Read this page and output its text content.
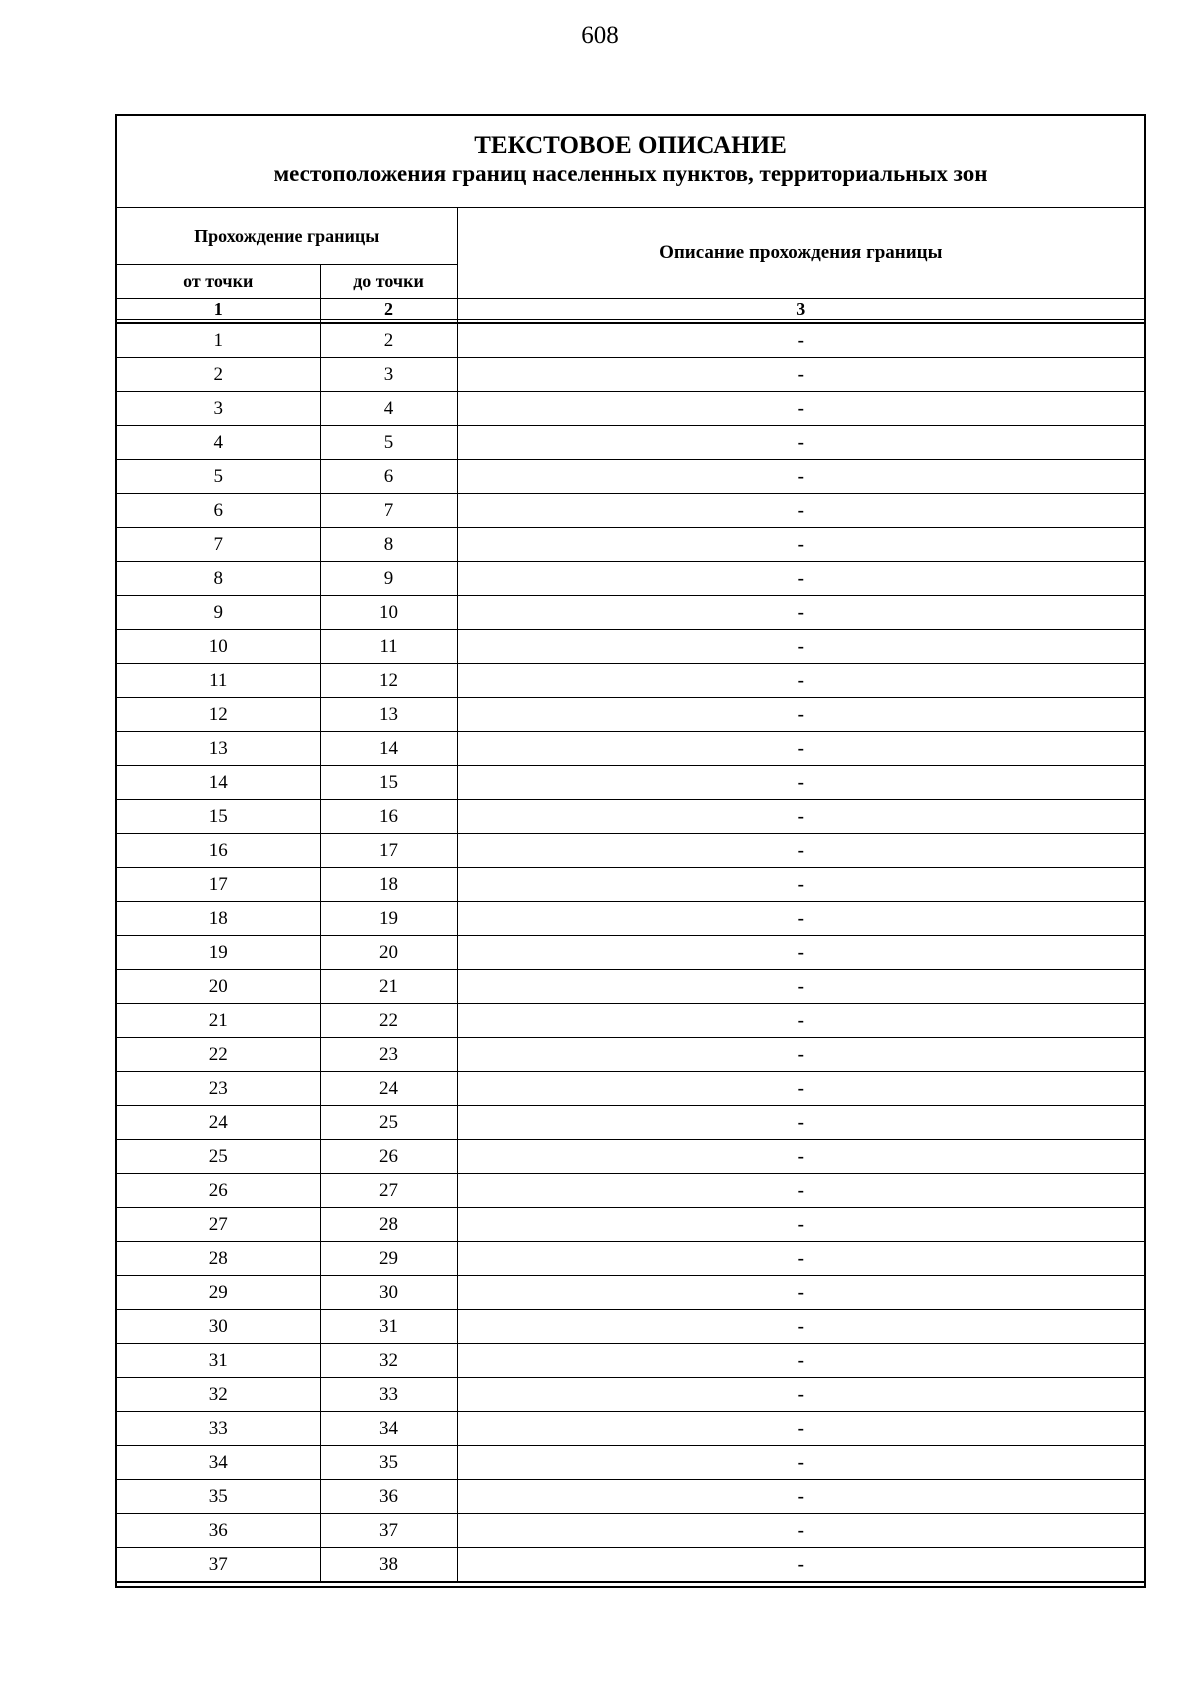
608
ТЕКСТОВОЕ ОПИСАНИЕ
местоположения границ населенных пунктов, территориальных зон
Прохождение границы		Описание прохождения границы
от точки	до точки	
1	2	3

1	2	-
2	3	-
3	4	-
4	5	-
5	6	-
6	7	-
7	8	-
8	9	-
9	10	-
10	11	-
11	12	-
12	13	-
13	14	-
14	15	-
15	16	-
16	17	-
17	18	-
18	19	-
19	20	-
20	21	-
21	22	-
22	23	-
23	24	-
24	25	-
25	26	-
26	27	-
27	28	-
28	29	-
29	30	-
30	31	-
31	32	-
32	33	-
33	34	-
34	35	-
35	36	-
36	37	-
37	38	-
